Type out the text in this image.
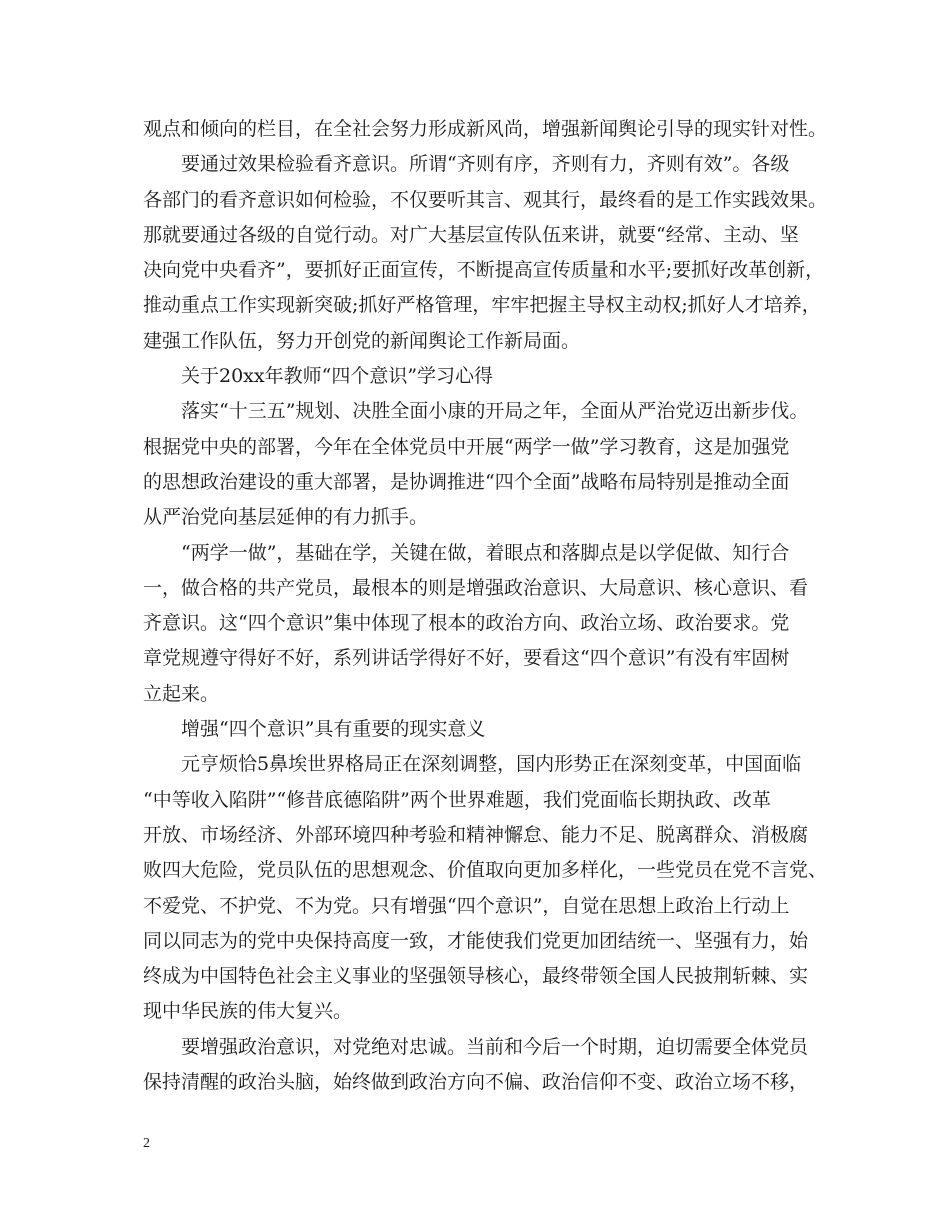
观点和倾向的栏目，在全社会努力形成新风尚，增强新闻舆论引导的现实针对性。
要通过效果检验看齐意识。所谓“齐则有序，齐则有力，齐则有效”。各级
各部门的看齐意识如何检验，不仅要听其言、观其行，最终看的是工作实践效果。
那就要通过各级的自觉行动。对广大基层宣传队伍来讲，就要“经常、主动、坚
决向党中央看齐”，要抓好正面宣传，不断提高宣传质量和水平;要抓好改革创新，
推动重点工作实现新突破;抓好严格管理，牢牢把握主导权主动权;抓好人才培养，
建强工作队伍，努力开创党的新闻舆论工作新局面。
关于20xx年教师“四个意识”学习心得
落实“十三五”规划、决胜全面小康的开局之年，全面从严治党迈出新步伐。
根据党中央的部署，今年在全体党员中开展“两学一做”学习教育，这是加强党
的思想政治建设的重大部署，是协调推进“四个全面”战略布局特别是推动全面
从严治党向基层延伸的有力抓手。
“两学一做”，基础在学，关键在做，着眼点和落脚点是以学促做、知行合
一，做合格的共产党员，最根本的则是增强政治意识、大局意识、核心意识、看
齐意识。这“四个意识”集中体现了根本的政治方向、政治立场、政治要求。党
章党规遵守得好不好，系列讲话学得好不好，要看这“四个意识”有没有牢固树
立起来。
增强“四个意识”具有重要的现实意义
元亨烦恰5鼻埃世界格局正在深刻调整，国内形势正在深刻变革，中国面临
“中等收入陷阱”“修昔底德陷阱”两个世界难题，我们党面临长期执政、改革
开放、市场经济、外部环境四种考验和精神懈怠、能力不足、脱离群众、消极腐
败四大危险，党员队伍的思想观念、价值取向更加多样化，一些党员在党不言党、
不爱党、不护党、不为党。只有增强“四个意识”，自觉在思想上政治上行动上
同以同志为的党中央保持高度一致，才能使我们党更加团结统一、坚强有力，始
终成为中国特色社会主义事业的坚强领导核心，最终带领全国人民披荆斩棘、实
现中华民族的伟大复兴。
要增强政治意识，对党绝对忠诚。当前和今后一个时期，迫切需要全体党员
保持清醒的政治头脑，始终做到政治方向不偏、政治信仰不变、政治立场不移，
2
